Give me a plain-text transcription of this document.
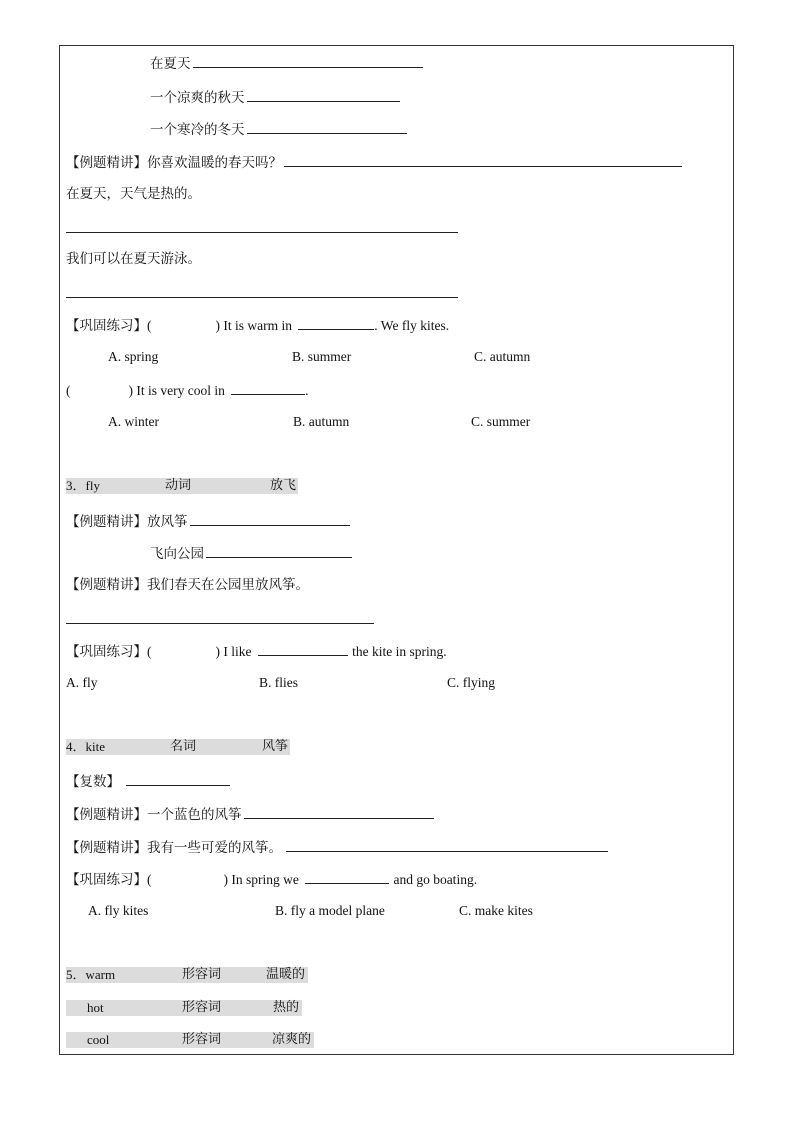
在夏天
一个凉爽的秋天
一个寒冷的冬天
【例题精讲】你喜欢温暖的春天吗？
在夏天，天气是热的。
我们可以在夏天游泳。
【巩固练习】(	) It is warm in	. We fly kites.
A. spring	B. summer	C. autumn
(	) It is very cool in	.
A. winter	B. autumn	C. summer
3．fly	动词	放飞
【例题精讲】放风筝
飞向公园
【例题精讲】我们春天在公园里放风筝。
【巩固练习】(	) I like	the kite in spring.
A. fly	B. flies	C. flying
4．kite	名词	风筝
【复数】
【例题精讲】一个蓝色的风筝
【例题精讲】我有一些可爱的风筝。
【巩固练习】(	) In spring we	and go boating.
A. fly kites	B. fly a model plane	C. make kites
5．warm	形容词	温暖的
hot	形容词	热的
cool	形容词	凉爽的
